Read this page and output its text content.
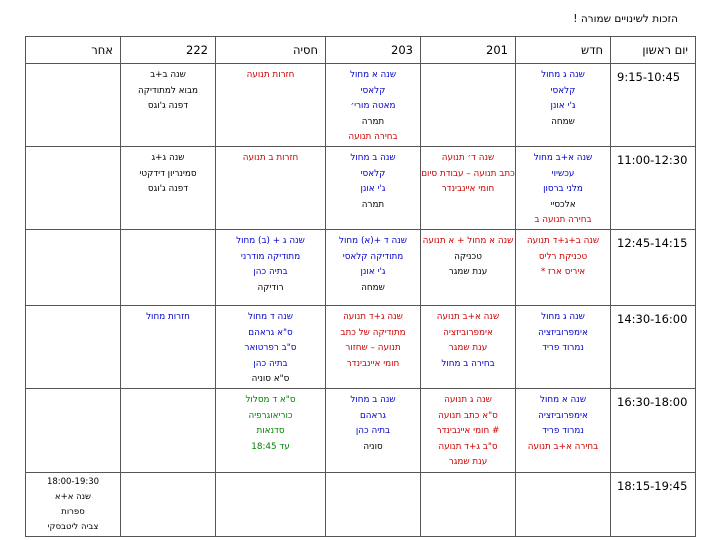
הזכות לשינויים שמורה !
יום ראשון	חדש	201	203	חסיה	222	אחר
9:15-10:45	שנה ג מחול
קלאסי
ג'י אונן
שמחה		שנה א מחול
קלאסי
מאטה מורי׳
תמרה
בחירה תנועה	חזרות תנועה	שנה ב+ב
מבוא למתודיקה
דפנה ג'וגס	

11:00-12:30	שנה א+ב מחול
עכשיוי
מלני ברסון
אלכסיי
בחירה תנועה ב	שנה ד׳ תנועה
כתב תנועה – עבודת סיום
חומי איינבינדר	שנה ב מחול
קלאסי
ג'י אונן
תמרה	חזרות ב תנועה	שנה ג+ג
סמינריון דידקטי
דפנה ג'וגס	

12:45-14:15	שנה ב+ג+ד תנועה
טכניקת רליס
איריס ארז *	שנה א מחול + א תנועה
טכניקה
ענת שמגר	שנה ד +(א) מחול
מתודיקה קלאסי
ג'י אונן
שמחה	שנה ג + (ב) מחול
מתודיקה מודרני
בתיה כהן
רודיקה		

14:30-16:00	שנה ג מחול
אימפרוביזציה
נמרוד פריד	שנה א+ב תנועה
אימפרוביזציה
ענת שמגר
בחירה ב מחול	שנה ג+ד תנועה
מתודיקה של כתב
תנועה – שחזור
חומי איינבינדר	שנה ד מחול
ס"א גראהם
ס"ב רפרטואר
בתיה כהן
ס"א סוניה	חזרות מחול	

16:30-18:00	שנה א מחול
אימפרוביזציה
נמרוד פריד
בחירה א+ב תנועה	שנה ג תנועה
ס"א כתב תנועה
# חומי איינבינדר
ס"ב ג+ד תנועה
ענת שמגר	שנה ב מחול
גראהם
בתיה כהן
סוניה	ס"א ד מסלול
כוריאוגרפיה
סדנאות
עד 18:45		

18:15-19:45						18:00-19:30
שנה א+א
ספרות
צביה ליטבסקי
